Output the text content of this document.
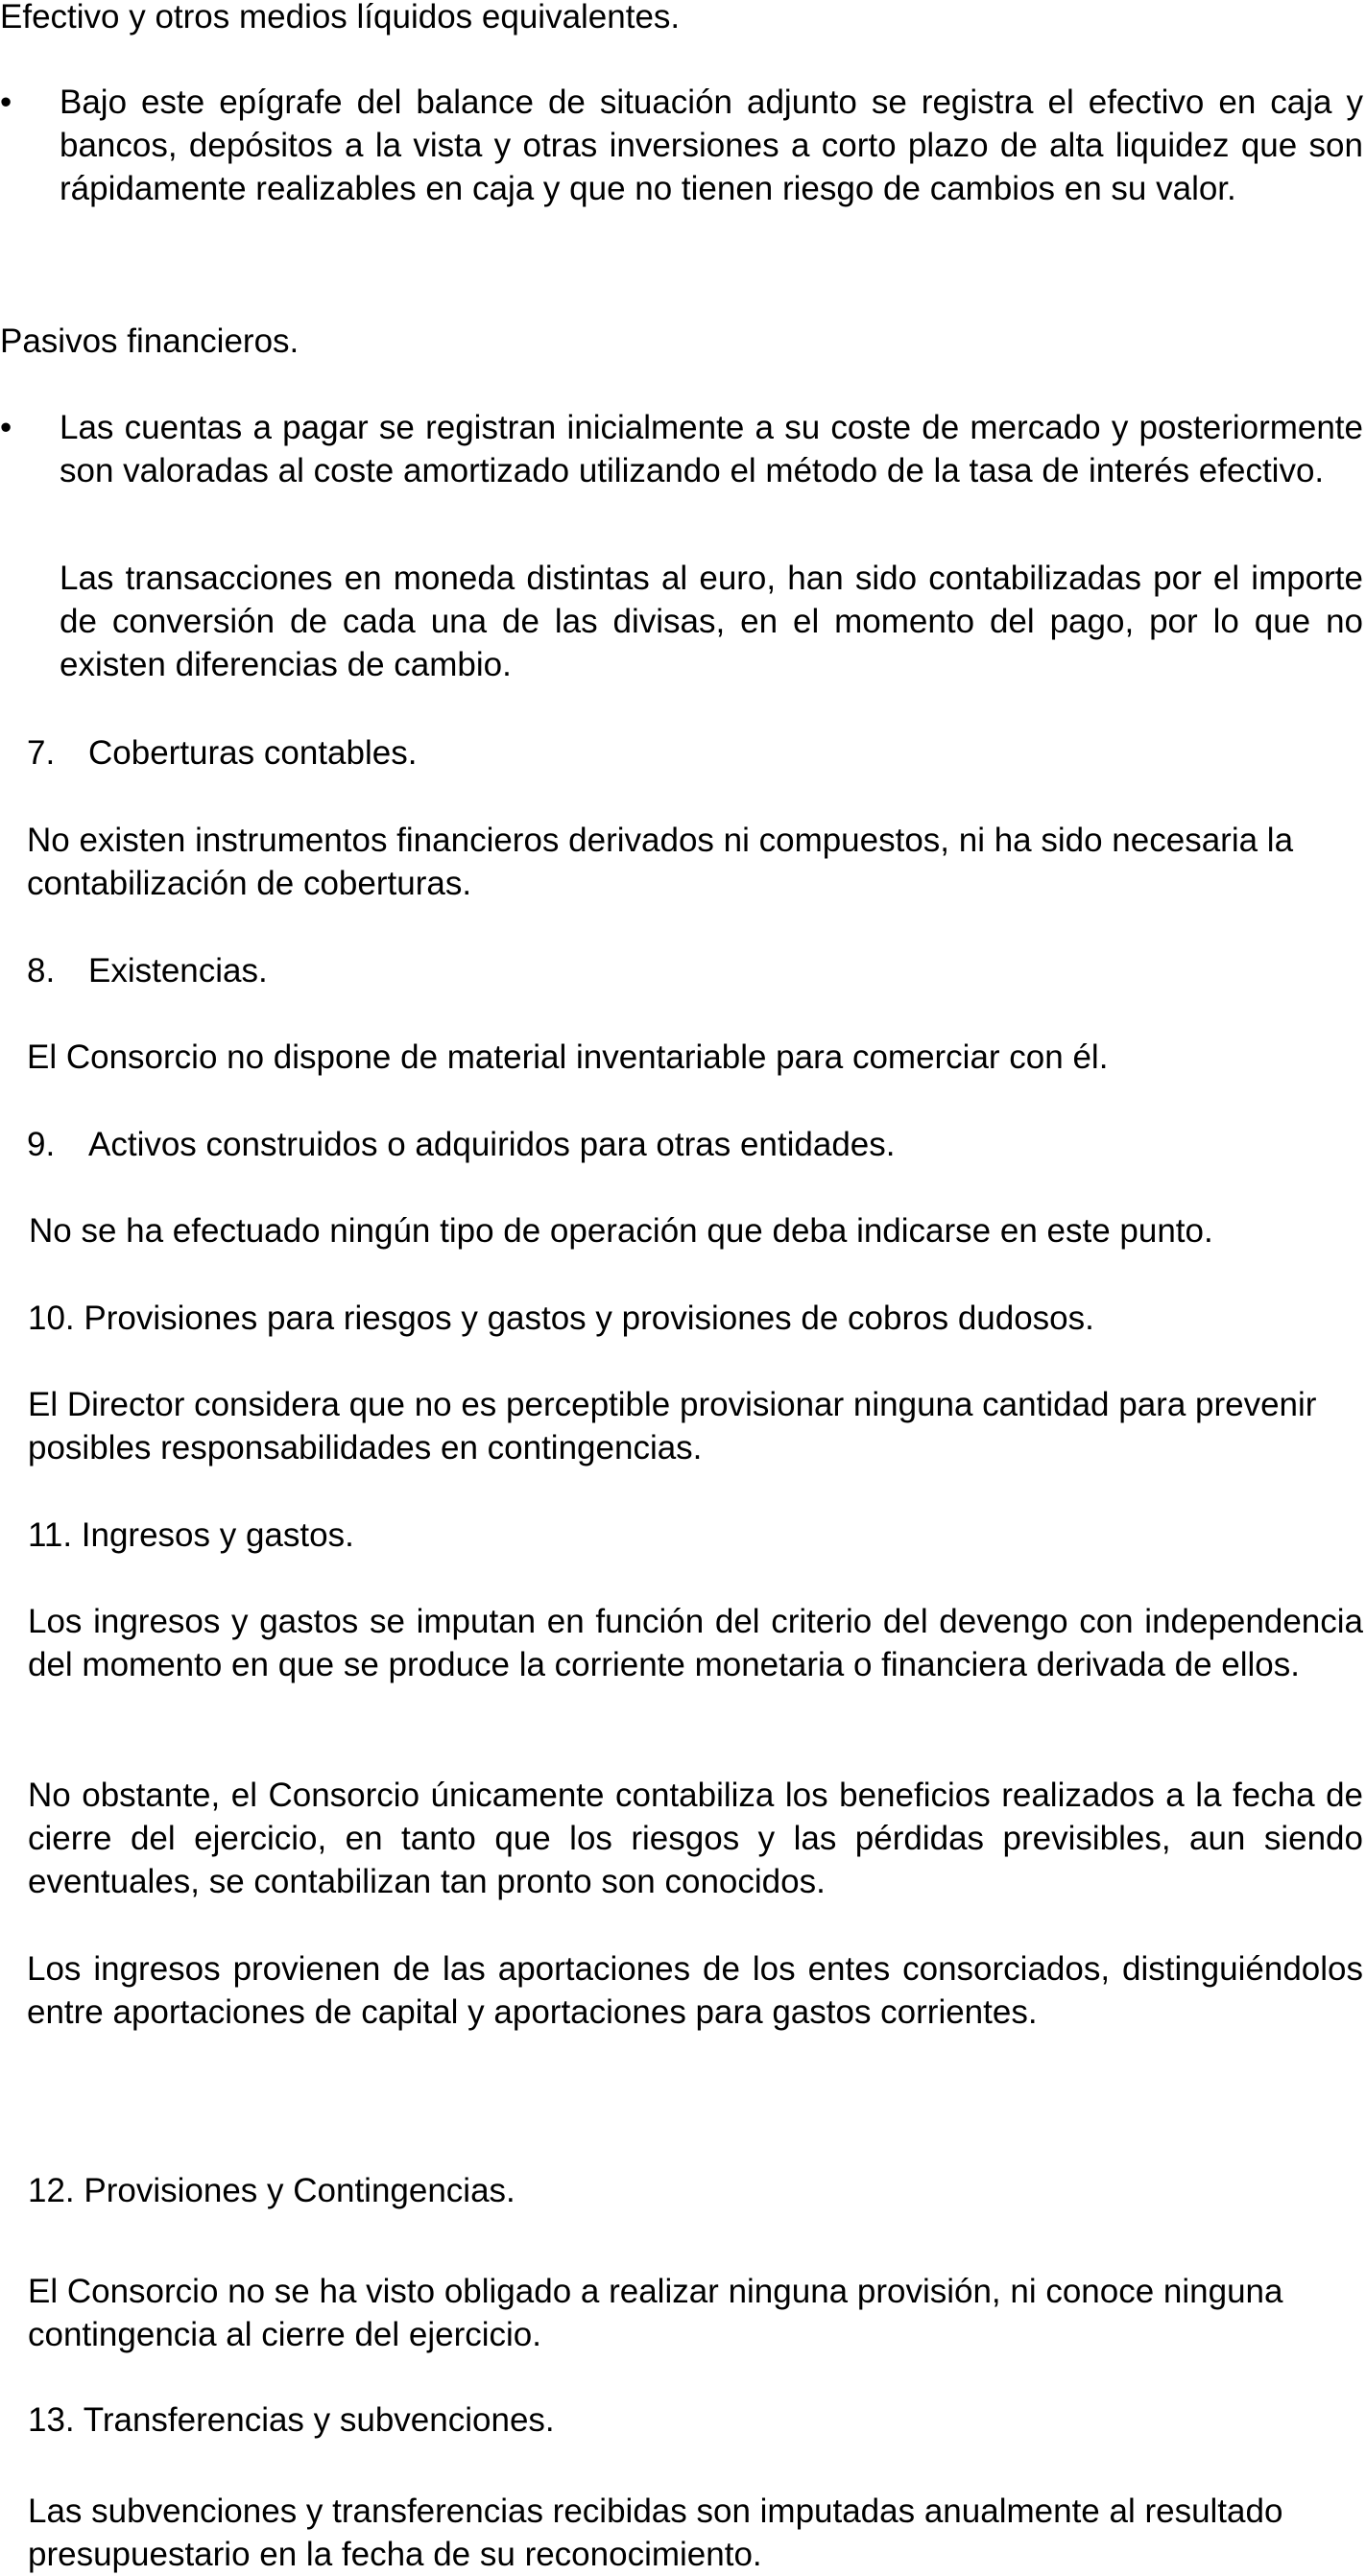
Efectivo y otros medios líquidos equivalentes.

• Bajo este epígrafe del balance de situación adjunto se registra el efectivo en caja y bancos, depósitos a la vista y otras inversiones a corto plazo de alta liquidez que son rápidamente realizables en caja y que no tienen riesgo de cambios en su valor.

Pasivos financieros.

• Las cuentas a pagar se registran inicialmente a su coste de mercado y posteriormente son valoradas al coste amortizado utilizando el método de la tasa de interés efectivo.

Las transacciones en moneda distintas al euro, han sido contabilizadas por el importe de conversión de cada una de las divisas, en el momento del pago, por lo que no existen diferencias de cambio.

7. Coberturas contables.

No existen instrumentos financieros derivados ni compuestos, ni ha sido necesaria la contabilización de coberturas.

8. Existencias.

El Consorcio no dispone de material inventariable para comerciar con él.

9. Activos construidos o adquiridos para otras entidades.

No se ha efectuado ningún tipo de operación que deba indicarse en este punto.

10. Provisiones para riesgos y gastos y provisiones de cobros dudosos.

El Director considera que no es perceptible provisionar ninguna cantidad para prevenir posibles responsabilidades en contingencias.

11. Ingresos y gastos.

Los ingresos y gastos se imputan en función del criterio del devengo con independencia del momento en que se produce la corriente monetaria o financiera derivada de ellos.

No obstante, el Consorcio únicamente contabiliza los beneficios realizados a la fecha de cierre del ejercicio, en tanto que los riesgos y las pérdidas previsibles, aun siendo eventuales, se contabilizan tan pronto son conocidos.

Los ingresos provienen de las aportaciones de los entes consorciados, distinguiéndolos entre aportaciones de capital y aportaciones para gastos corrientes.

12. Provisiones y Contingencias.

El Consorcio no se ha visto obligado a realizar ninguna provisión, ni conoce ninguna contingencia al cierre del ejercicio.

13. Transferencias y subvenciones.

Las subvenciones y transferencias recibidas son imputadas anualmente al resultado presupuestario en la fecha de su reconocimiento.
